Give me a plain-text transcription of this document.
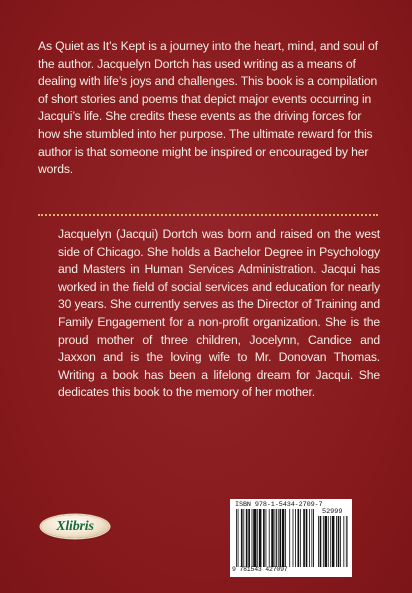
As Quiet as It’s Kept is a journey into the heart, mind, and soul of the author. Jacquelyn Dortch has used writing as a means of dealing with life’s joys and challenges. This book is a compilation of short stories and poems that depict major events occurring in Jacqui’s life. She credits these events as the driving forces for how she stumbled into her purpose. The ultimate reward for this author is that someone might be inspired or encouraged by her words.

Jacquelyn (Jacqui) Dortch was born and raised on the west side of Chicago. She holds a Bachelor Degree in Psychology and Masters in Human Services Administration. Jacqui has worked in the field of social services and education for nearly 30 years. She currently serves as the Director of Training and Family Engagement for a non-profit organization. She is the proud mother of three children, Jocelynn, Candice and Jaxxon and is the loving wife to Mr. Donovan Thomas. Writing a book has been a lifelong dream for Jacqui. She dedicates this book to the memory of her mother.

Xlibris
ISBN 978-1-5434-2709-7
52999
9 781543 427097
